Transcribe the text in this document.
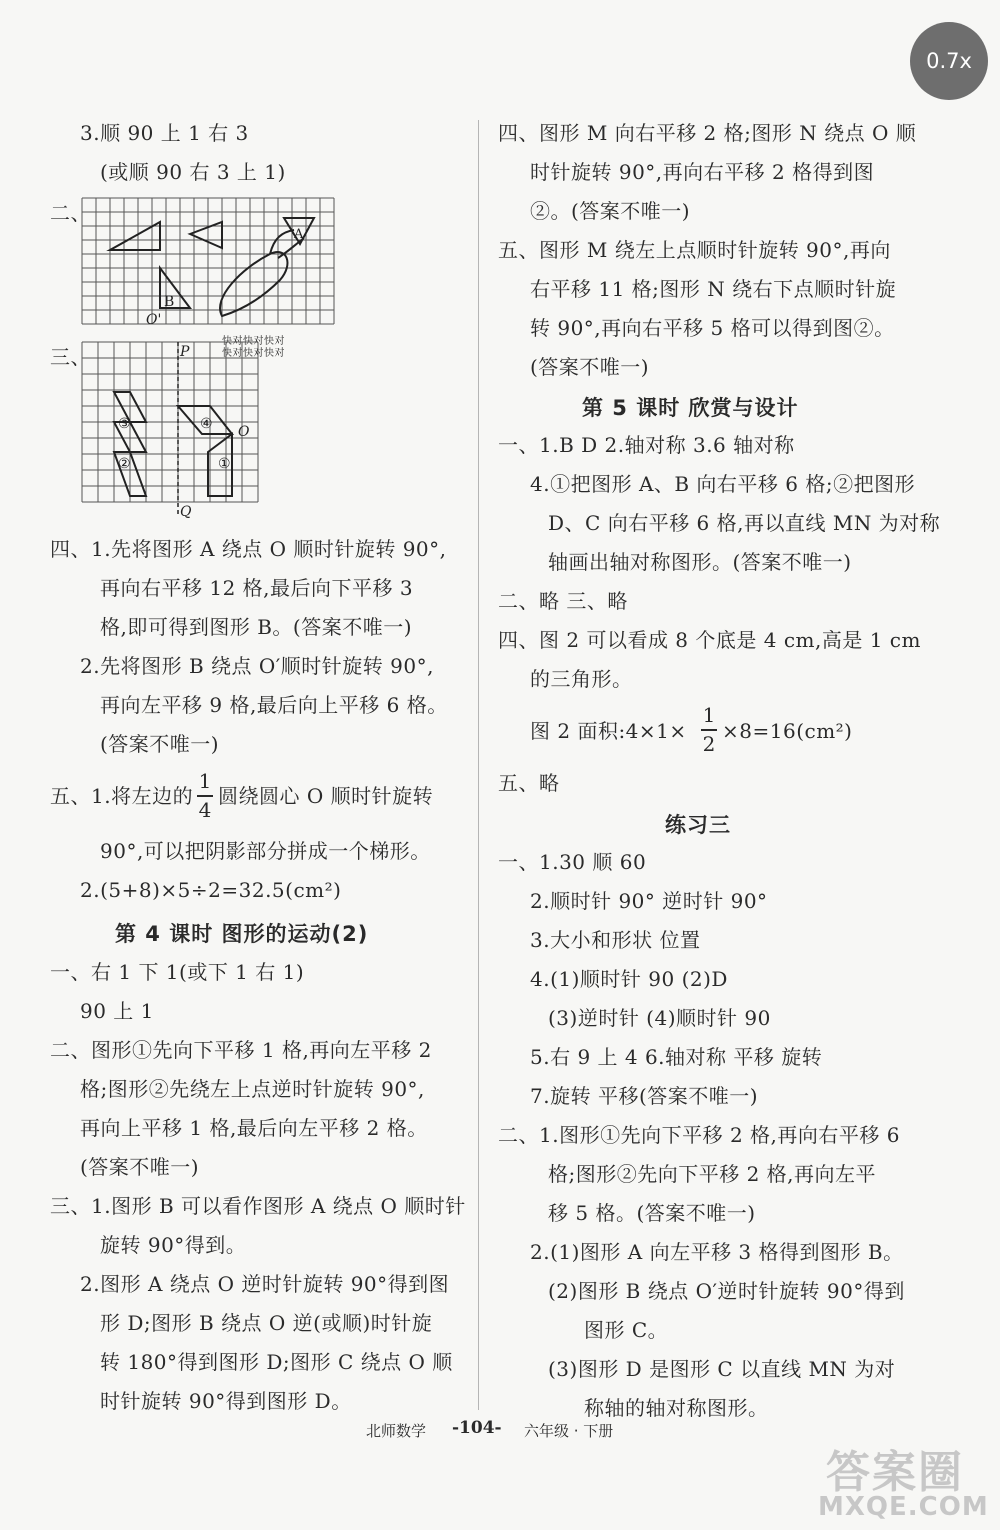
0.7x
3.顺 90 上 1 右 3
(或顺 90 右 3 上 1)
二、
A
B
O'
快对快对快对
快对快对快对
三、	P
Q
O
①
②
③	④
四、1.先将图形 A 绕点 O 顺时针旋转 90°,
再向右平移 12 格,最后向下平移 3
格,即可得到图形 B。(答案不唯一)
2.先将图形 B 绕点 O′顺时针旋转 90°,
再向左平移 9 格,最后向上平移 6 格。
(答案不唯一)
五、1.将左边的
1
4
圆绕圆心 O 顺时针旋转
90°,可以把阴影部分拼成一个梯形。
2.(5+8)×5÷2=32.5(cm²)
第 4 课时 图形的运动(2)
一、右 1 下 1(或下 1 右 1)
90 上 1
二、图形①先向下平移 1 格,再向左平移 2
格;图形②先绕左上点逆时针旋转 90°,
再向上平移 1 格,最后向左平移 2 格。
(答案不唯一)
三、1.图形 B 可以看作图形 A 绕点 O 顺时针
旋转 90°得到。
2.图形 A 绕点 O 逆时针旋转 90°得到图
形 D;图形 B 绕点 O 逆(或顺)时针旋
转 180°得到图形 D;图形 C 绕点 O 顺
时针旋转 90°得到图形 D。
四、图形 M 向右平移 2 格;图形 N 绕点 O 顺
时针旋转 90°,再向右平移 2 格得到图
②。(答案不唯一)
五、图形 M 绕左上点顺时针旋转 90°,再向
右平移 11 格;图形 N 绕右下点顺时针旋
转 90°,再向右平移 5 格可以得到图②。
(答案不唯一)
第 5 课时 欣赏与设计
一、1.B D 2.轴对称 3.6 轴对称
4.①把图形 A、B 向右平移 6 格;②把图形
D、C 向右平移 6 格,再以直线 MN 为对称
轴画出轴对称图形。(答案不唯一)
二、略 三、略
四、图 2 可以看成 8 个底是 4 cm,高是 1 cm
的三角形。
图 2 面积:4×1×
1
2
×8=16(cm²)
五、略
练习三
一、1.30 顺 60
2.顺时针 90° 逆时针 90°
3.大小和形状 位置
4.(1)顺时针 90 (2)D
(3)逆时针 (4)顺时针 90
5.右 9 上 4 6.轴对称 平移 旋转
7.旋转 平移(答案不唯一)
二、1.图形①先向下平移 2 格,再向右平移 6
格;图形②先向下平移 2 格,再向左平
移 5 格。(答案不唯一)
2.(1)图形 A 向左平移 3 格得到图形 B。
(2)图形 B 绕点 O′逆时针旋转 90°得到
图形 C。
(3)图形 D 是图形 C 以直线 MN 为对
称轴的轴对称图形。
北师数学 -104- 六年级 · 下册
答案圈
MXQE.COM
